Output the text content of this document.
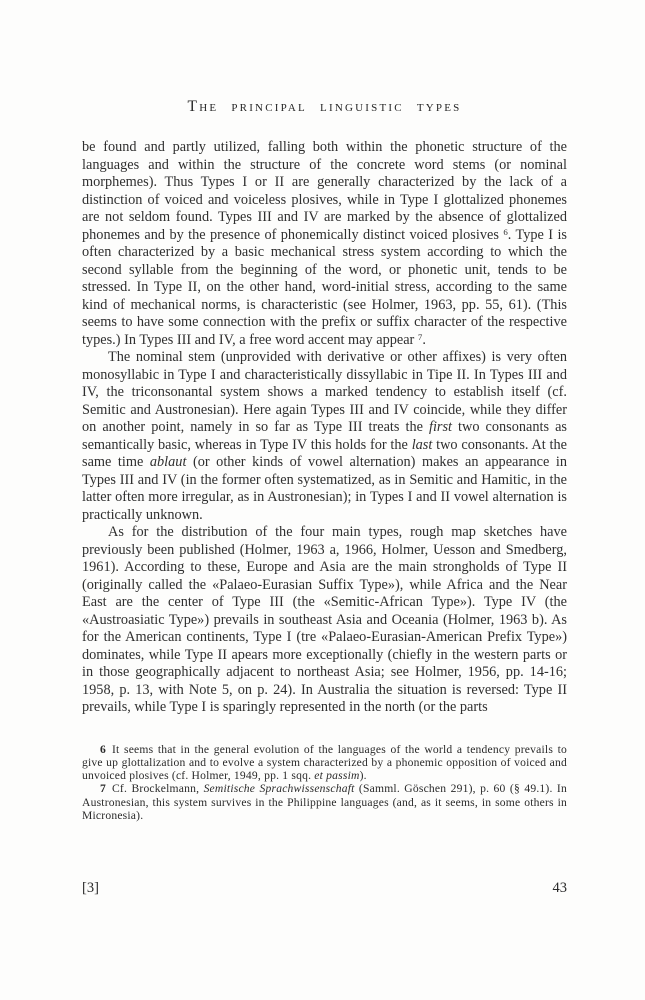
The principal linguistic types

be found and partly utilized, falling both within the phonetic structure of the languages and within the structure of the concrete word stems (or nominal morphemes). Thus Types I or II are generally characterized by the lack of a distinction of voiced and voiceless plosives, while in Type I glottalized phonemes are not seldom found. Types III and IV are marked by the absence of glottalized phonemes and by the presence of phonemically distinct voiced plosives $^6$. Type I is often characterized by a basic mechanical stress system according to which the second syllable from the beginning of the word, or phonetic unit, tends to be stressed. In Type II, on the other hand, word-initial stress, according to the same kind of mechanical norms, is characteristic (see Holmer, 1963, pp. 55, 61). (This seems to have some connection with the prefix or suffix character of the respective types.) In Types III and IV, a free word accent may appear $^7$.

The nominal stem (unprovided with derivative or other affixes) is very often monosyllabic in Type I and characteristically dissyllabic in Tipe II. In Types III and IV, the triconsonantal system shows a marked tendency to establish itself (cf. Semitic and Austronesian). Here again Types III and IV coincide, while they differ on another point, namely in so far as Type III treats the first two consonants as semantically basic, whereas in Type IV this holds for the last two consonants. At the same time ablaut (or other kinds of vowel alternation) makes an appearance in Types III and IV (in the former often systematized, as in Semitic and Hamitic, in the latter often more irregular, as in Austronesian); in Types I and II vowel alternation is practically unknown.

As for the distribution of the four main types, rough map sketches have previously been published (Holmer, 1963 a, 1966, Holmer, Uesson and Smedberg, 1961). According to these, Europe and Asia are the main strongholds of Type II (originally called the «Palaeo-Eurasian Suffix Type»), while Africa and the Near East are the center of Type III (the «Semitic-African Type»). Type IV (the «Austroasiatic Type») prevails in southeast Asia and Oceania (Holmer, 1963 b). As for the American continents, Type I (tre «Palaeo-Eurasian-American Prefix Type») dominates, while Type II apears more exceptionally (chiefly in the western parts or in those geographically adjacent to northeast Asia; see Holmer, 1956, pp. 14-16; 1958, p. 13, with Note 5, on p. 24). In Australia the situation is reversed: Type II prevails, while Type I is sparingly represented in the north (or the parts

6 It seems that in the general evolution of the languages of the world a tendency prevails to give up glottalization and to evolve a system characterized by a phonemic opposition of voiced and unvoiced plosives (cf. Holmer, 1949, pp. 1 sqq. et passim).

7 Cf. Brockelmann, Semitische Sprachwissenschaft (Samml. Göschen 291), p. 60 (§ 49.1). In Austronesian, this system survives in the Philippine languages (and, as it seems, in some others in Micronesia).

[3]	43
